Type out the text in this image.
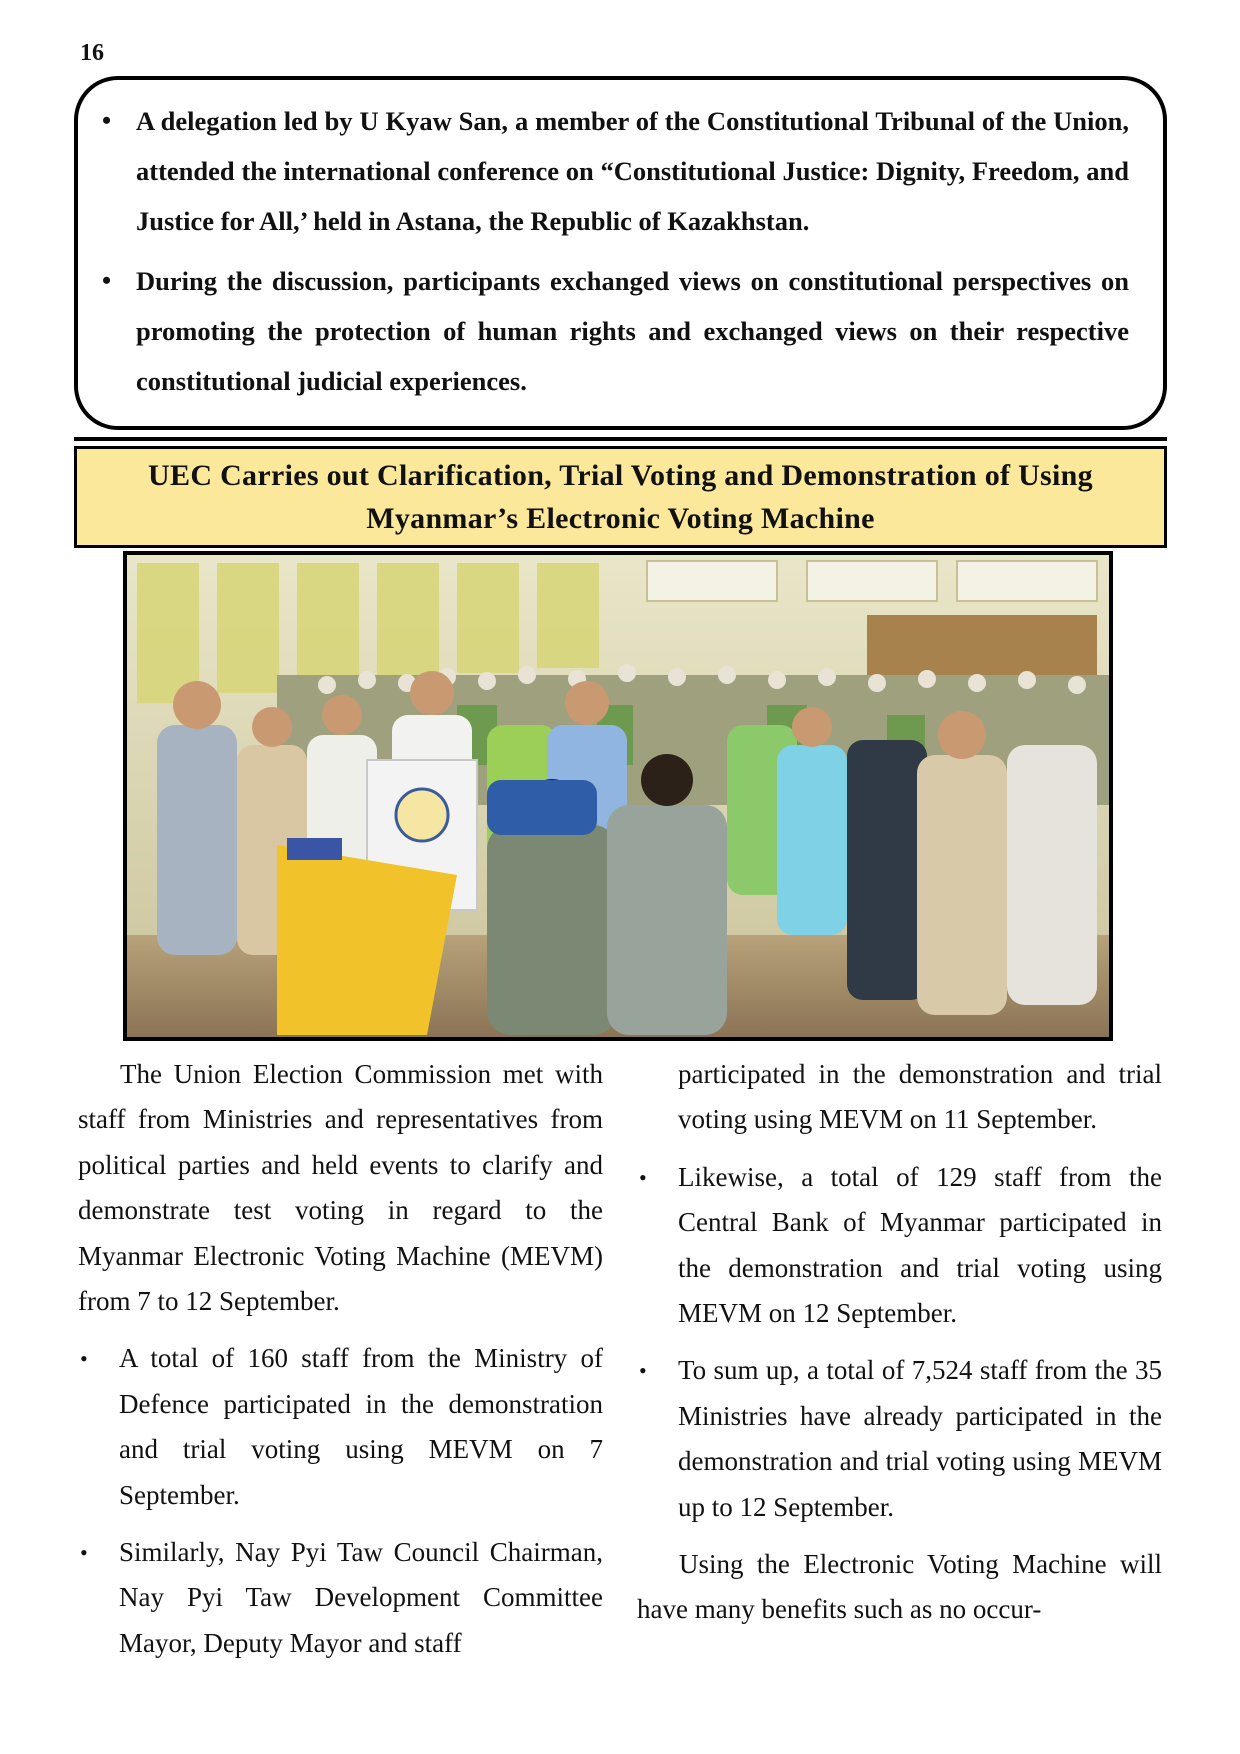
16
• A delegation led by U Kyaw San, a member of the Constitutional Tribunal of the Union, attended the international conference on “Constitutional Justice: Dignity, Freedom, and Justice for All,’ held in Astana, the Republic of Kazakhstan.
• During the discussion, participants exchanged views on constitutional perspectives on promoting the protection of human rights and exchanged views on their respective constitutional judicial experiences.
UEC Carries out Clarification, Trial Voting and Demonstration of Using
Myanmar’s Electronic Voting Machine

The Union Election Commission met with staff from Ministries and representatives from political parties and held events to clarify and demonstrate test voting in regard to the Myanmar Electronic Voting Machine (MEVM) from 7 to 12 September.

• A total of 160 staff from the Ministry of Defence participated in the demonstration and trial voting using MEVM on 7 September.
• Similarly, Nay Pyi Taw Council Chairman, Nay Pyi Taw Development Committee Mayor, Deputy Mayor and staff

participated in the demonstration and trial voting using MEVM on 11 September.

• Likewise, a total of 129 staff from the Central Bank of Myanmar participated in the demonstration and trial voting using MEVM on 12 September.
• To sum up, a total of 7,524 staff from the 35 Ministries have already participated in the demonstration and trial voting using MEVM up to 12 September.

Using the Electronic Voting Machine will have many benefits such as no occur-
